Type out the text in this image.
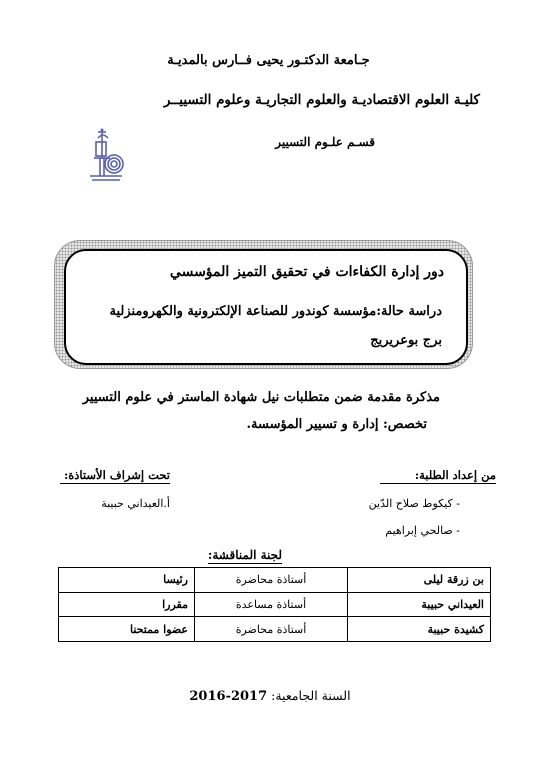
جـامعة الدكتـور يحيى فــارس بالمديـة
كليـة العلوم الاقتصاديـة والعلوم التجاريـة وعلوم التسييــر
قسـم علـوم التسيير
دور إدارة الكفاءات في تحقيق التميز المؤسسي
دراسة حالة:مؤسسة كوندور للصناعة الإلكترونية والكهرومنزلية
برج بوعريريج
مذكرة مقدمة ضمن متطلبات نيل شهادة الماستر في علوم التسيير
تخصص: إدارة و تسيير المؤسسة.
من إعداد الطلبة:
تحت إشراف الأستاذة:
- كيكوط صلاح الدّين
- صالحي إبراهيم
أ.العيداني حبيبة
لجنة المناقشة:
بن زرقة ليلى	أستاذة محاضرة	رئيسا
العيداني حبيبة	أستاذة مساعدة	مقررا
كشيدة حبيبة	أستاذة محاضرة	عضوا ممتحنا
السنة الجامعية: 2016-2017
